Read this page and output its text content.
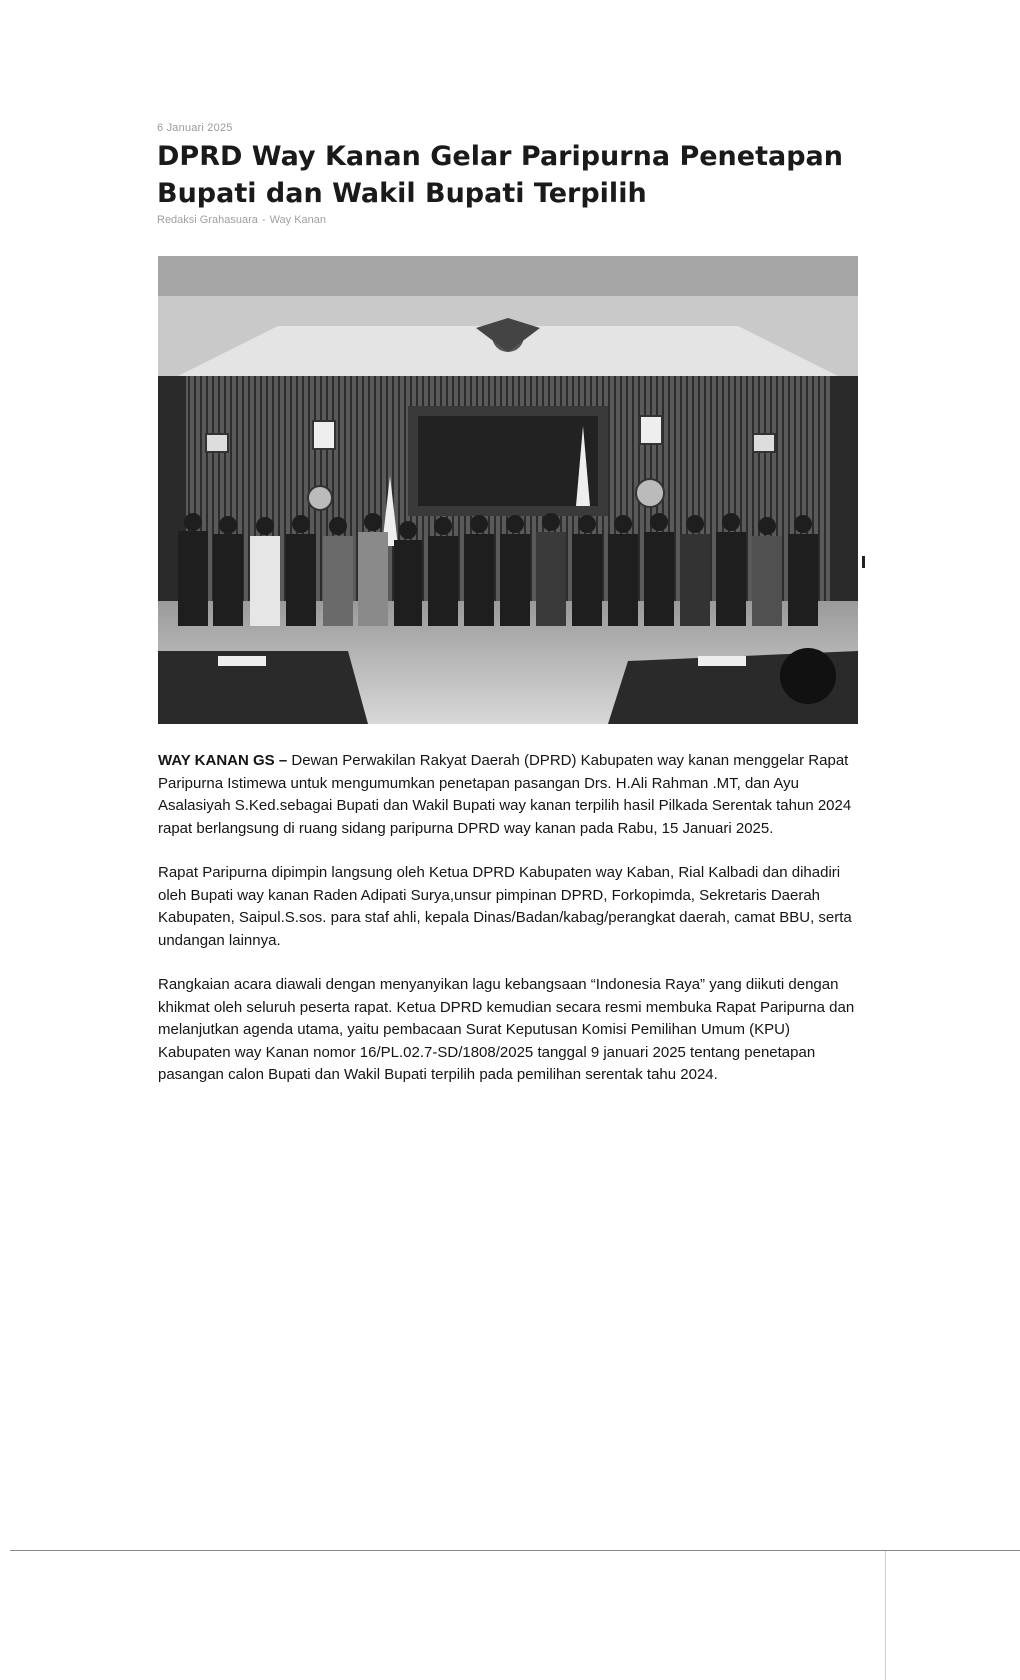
6 Januari 2025
DPRD Way Kanan Gelar Paripurna Penetapan Bupati dan Wakil Bupati Terpilih
Redaksi Grahasuara - Way Kanan

WAY KANAN GS – Dewan Perwakilan Rakyat Daerah (DPRD) Kabupaten way kanan menggelar Rapat Paripurna Istimewa untuk mengumumkan penetapan pasangan Drs. H.Ali Rahman .MT, dan Ayu Asalasiyah S.Ked.sebagai Bupati dan Wakil Bupati way kanan terpilih hasil Pilkada Serentak tahun 2024 rapat berlangsung di ruang sidang paripurna DPRD way kanan pada Rabu, 15 Januari 2025.

Rapat Paripurna dipimpin langsung oleh Ketua DPRD Kabupaten way Kaban, Rial Kalbadi dan dihadiri oleh Bupati way kanan Raden Adipati Surya,unsur pimpinan DPRD, Forkopimda, Sekretaris Daerah Kabupaten, Saipul.S.sos. para staf ahli, kepala Dinas/Badan/kabag/perangkat daerah, camat BBU, serta undangan lainnya.

Rangkaian acara diawali dengan menyanyikan lagu kebangsaan “Indonesia Raya” yang diikuti dengan khikmat oleh seluruh peserta rapat. Ketua DPRD kemudian secara resmi membuka Rapat Paripurna dan melanjutkan agenda utama, yaitu pembacaan Surat Keputusan Komisi Pemilihan Umum (KPU) Kabupaten way Kanan nomor 16/PL.02.7-SD/1808/2025 tanggal 9 januari 2025 tentang penetapan pasangan calon Bupati dan Wakil Bupati terpilih pada pemilihan serentak tahu 2024.
